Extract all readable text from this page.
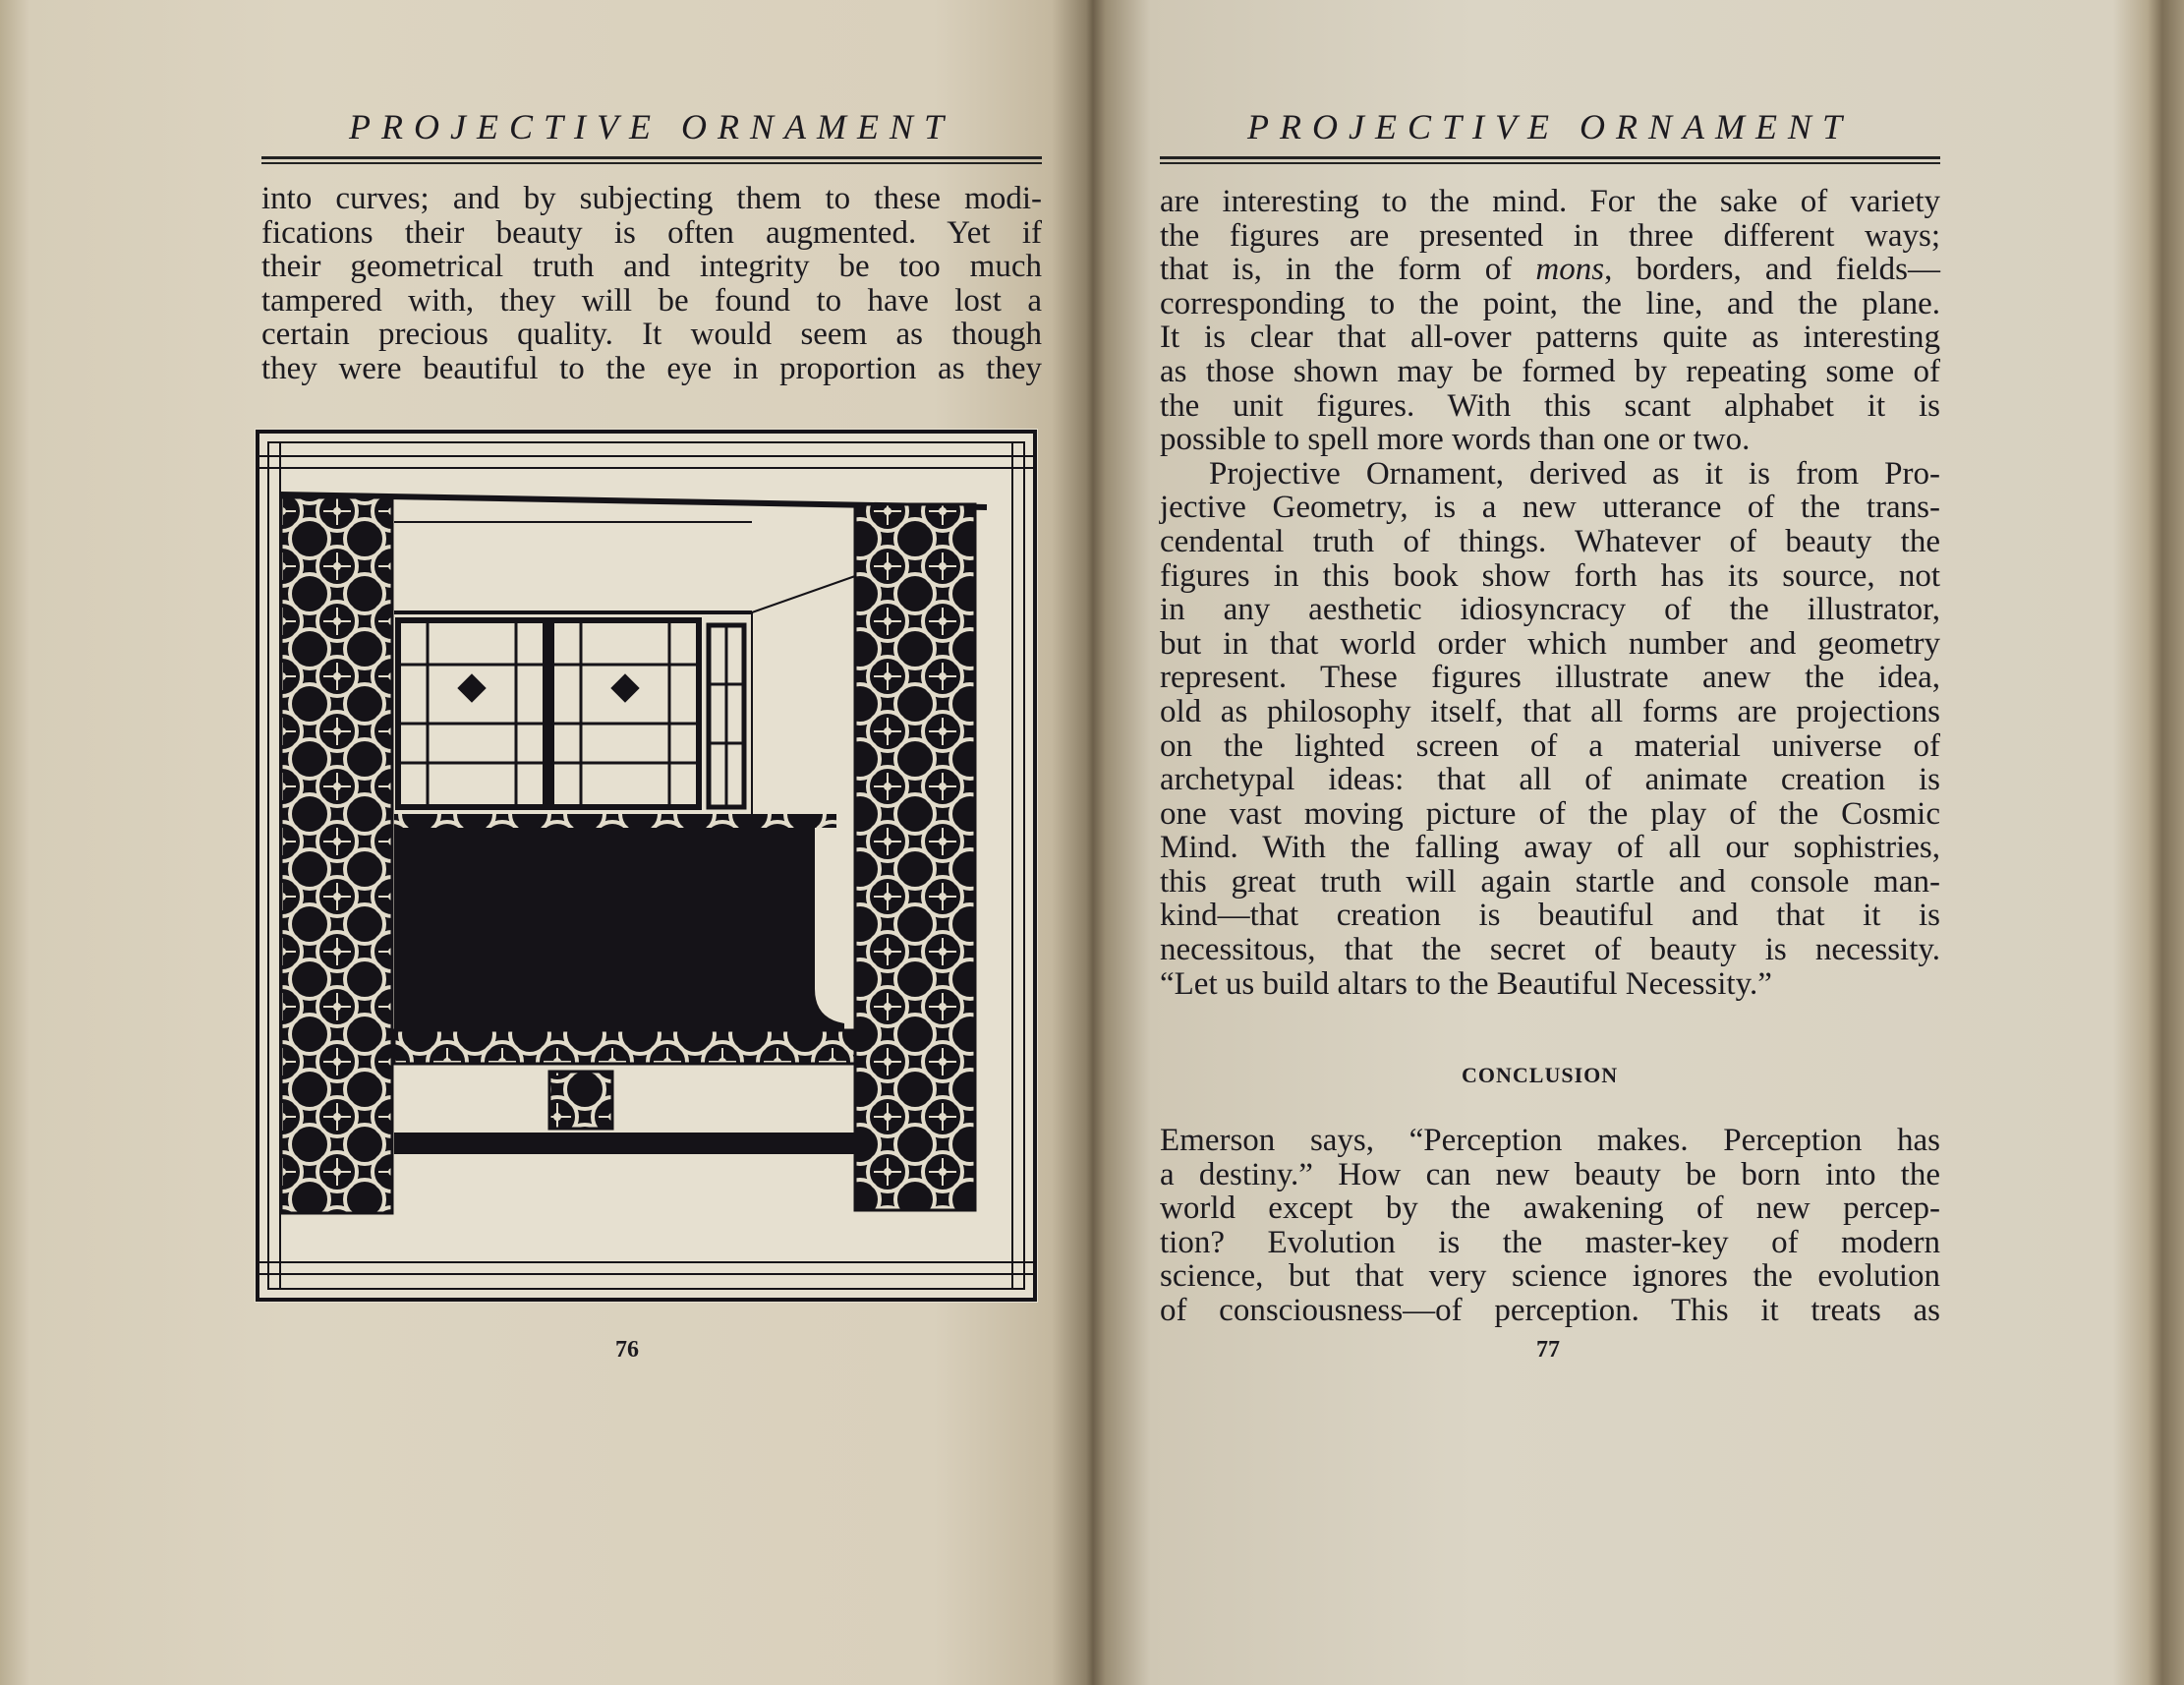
PROJECTIVE ORNAMENT
into curves; and by subjecting them to these modi-
fications their beauty is often augmented. Yet if
their geometrical truth and integrity be too much
tampered with, they will be found to have lost a
certain precious quality. It would seem as though
they were beautiful to the eye in proportion as they
76
PROJECTIVE ORNAMENT
are interesting to the mind. For the sake of variety
the figures are presented in three different ways;
that is, in the form of mons, borders, and fields—
corresponding to the point, the line, and the plane.
It is clear that all-over patterns quite as interesting
as those shown may be formed by repeating some of
the unit figures. With this scant alphabet it is
possible to spell more words than one or two.
Projective Ornament, derived as it is from Pro-
jective Geometry, is a new utterance of the trans-
cendental truth of things. Whatever of beauty the
figures in this book show forth has its source, not
in any aesthetic idiosyncracy of the illustrator,
but in that world order which number and geometry
represent. These figures illustrate anew the idea,
old as philosophy itself, that all forms are projections
on the lighted screen of a material universe of
archetypal ideas: that all of animate creation is
one vast moving picture of the play of the Cosmic
Mind. With the falling away of all our sophistries,
this great truth will again startle and console man-
kind—that creation is beautiful and that it is
necessitous, that the secret of beauty is necessity.
“Let us build altars to the Beautiful Necessity.”
CONCLUSION
Emerson says, “Perception makes. Perception has
a destiny.” How can new beauty be born into the
world except by the awakening of new percep-
tion? Evolution is the master-key of modern
science, but that very science ignores the evolution
of consciousness—of perception. This it treats as
77
